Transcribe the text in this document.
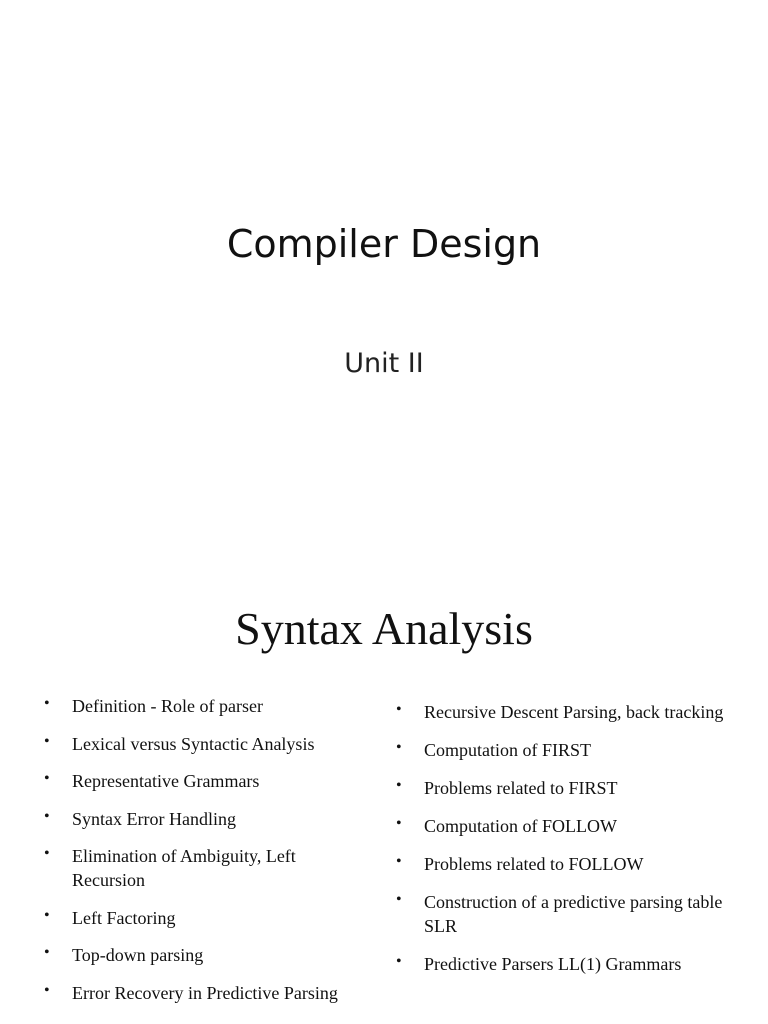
Compiler Design
Unit II
Syntax Analysis
• Definition - Role of parser
• Lexical versus Syntactic Analysis
• Representative Grammars
• Syntax Error Handling
• Elimination of Ambiguity, Left Recursion
• Left Factoring
• Top-down parsing
• Error Recovery in Predictive Parsing
• Recursive Descent Parsing, back tracking
• Computation of FIRST
• Problems related to FIRST
• Computation of FOLLOW
• Problems related to FOLLOW
• Construction of a predictive parsing table SLR
• Predictive Parsers LL(1) Grammars
